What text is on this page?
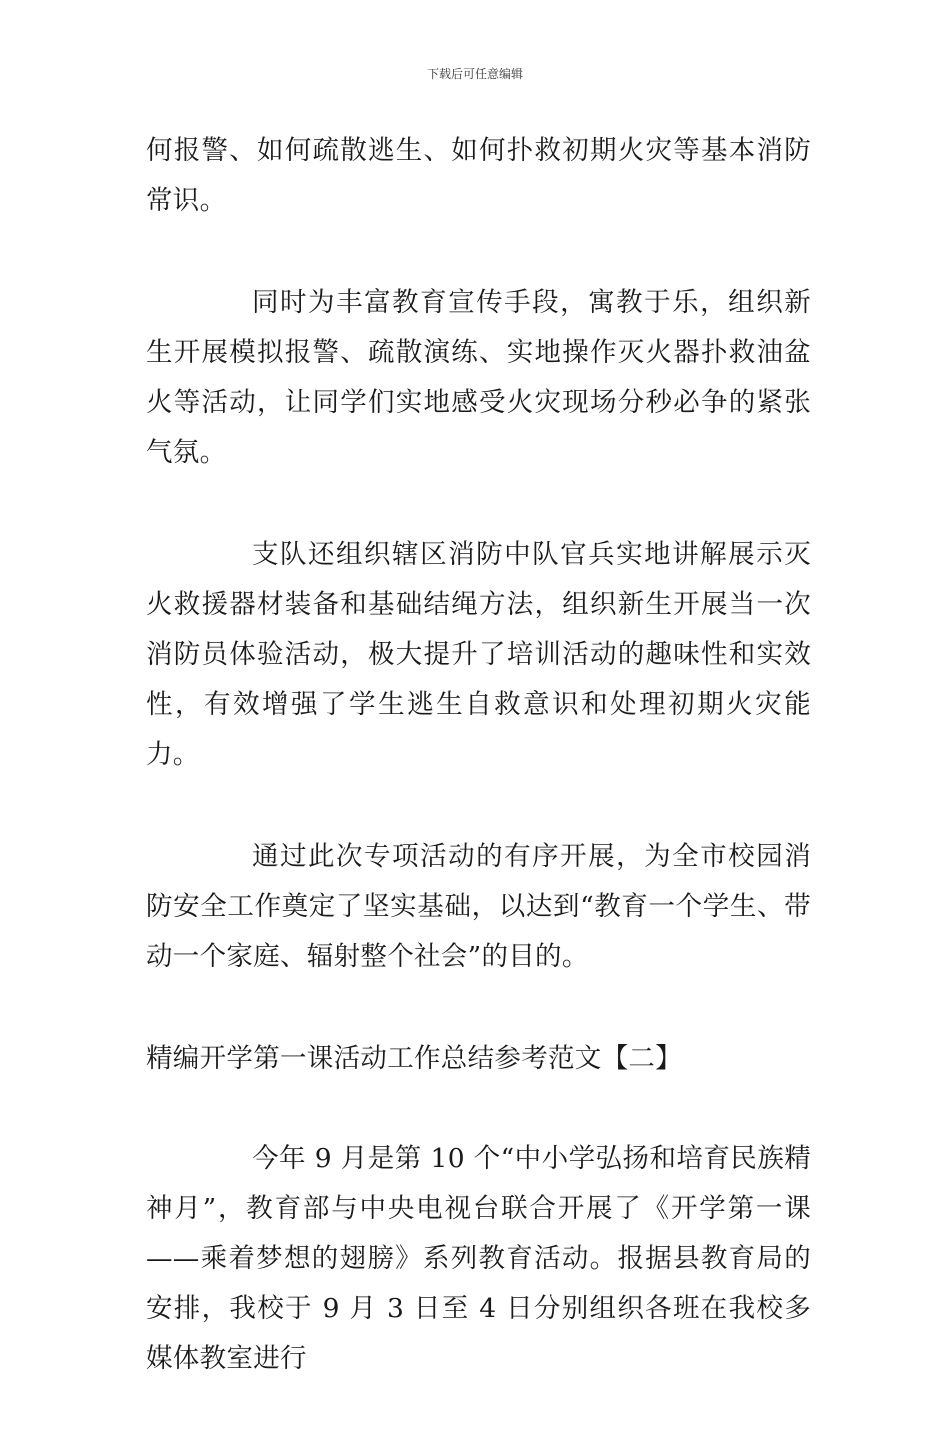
下载后可任意编辑

何报警、如何疏散逃生、如何扑救初期火灾等基本消防常识。

同时为丰富教育宣传手段，寓教于乐，组织新生开展模拟报警、疏散演练、实地操作灭火器扑救油盆火等活动，让同学们实地感受火灾现场分秒必争的紧张气氛。

支队还组织辖区消防中队官兵实地讲解展示灭火救援器材装备和基础结绳方法，组织新生开展当一次消防员体验活动，极大提升了培训活动的趣味性和实效性，有效增强了学生逃生自救意识和处理初期火灾能力。

通过此次专项活动的有序开展，为全市校园消防安全工作奠定了坚实基础，以达到“教育一个学生、带动一个家庭、辐射整个社会”的目的。

精编开学第一课活动工作总结参考范文【二】

今年 9 月是第 10 个“中小学弘扬和培育民族精神月”，教育部与中央电视台联合开展了《开学第一课——乘着梦想的翅膀》系列教育活动。报据县教育局的安排，我校于 9 月 3 日至 4 日分别组织各班在我校多媒体教室进行
